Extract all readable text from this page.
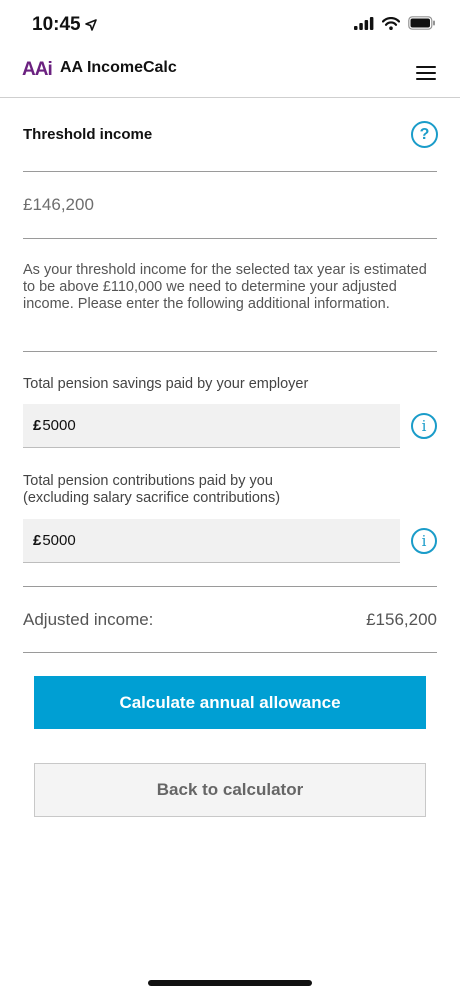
10:45
AAi AA IncomeCalc
Threshold income	?
£146,200
As your threshold income for the selected tax year is estimated to be above £110,000 we need to determine your adjusted income. Please enter the following additional information.
Total pension savings paid by your employer
£ 5000	i
Total pension contributions paid by you
(excluding salary sacrifice contributions)
£ 5000	i
Adjusted income:	£156,200
Calculate annual allowance
Back to calculator
